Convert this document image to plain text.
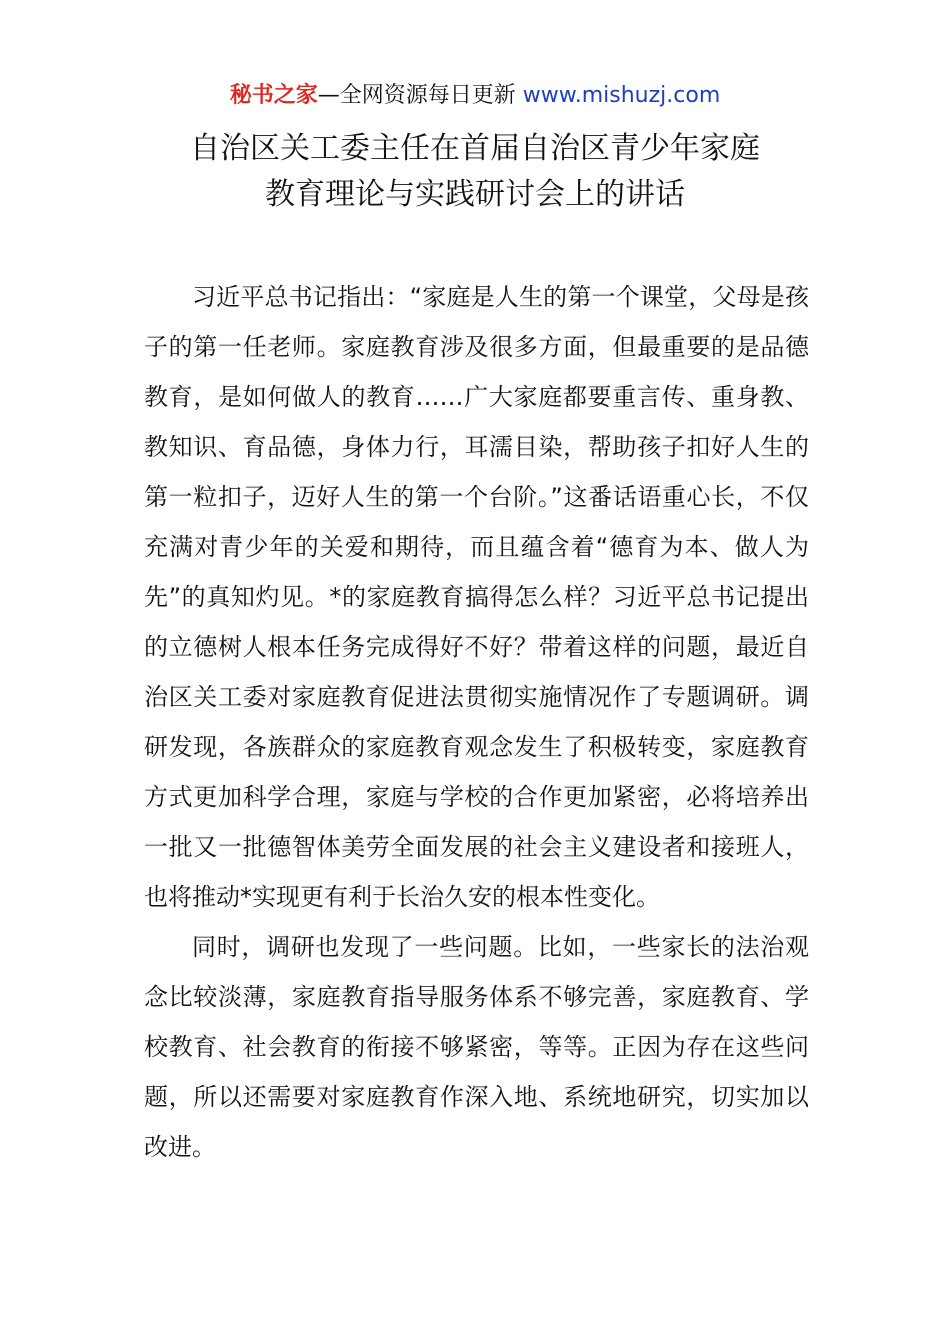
秘书之家—全网资源每日更新 www.mishuzj.com
自治区关工委主任在首届自治区青少年家庭
教育理论与实践研讨会上的讲话

习近平总书记指出：“家庭是人生的第一个课堂，父母是孩子的第一任老师。家庭教育涉及很多方面，但最重要的是品德教育，是如何做人的教育……广大家庭都要重言传、重身教、教知识、育品德，身体力行，耳濡目染，帮助孩子扣好人生的第一粒扣子，迈好人生的第一个台阶。”这番话语重心长，不仅充满对青少年的关爱和期待，而且蕴含着“德育为本、做人为先”的真知灼见。*的家庭教育搞得怎么样？习近平总书记提出的立德树人根本任务完成得好不好？带着这样的问题，最近自治区关工委对家庭教育促进法贯彻实施情况作了专题调研。调研发现，各族群众的家庭教育观念发生了积极转变，家庭教育方式更加科学合理，家庭与学校的合作更加紧密，必将培养出一批又一批德智体美劳全面发展的社会主义建设者和接班人，也将推动*实现更有利于长治久安的根本性变化。

同时，调研也发现了一些问题。比如，一些家长的法治观念比较淡薄，家庭教育指导服务体系不够完善，家庭教育、学校教育、社会教育的衔接不够紧密，等等。正因为存在这些问题，所以还需要对家庭教育作深入地、系统地研究，切实加以改进。
